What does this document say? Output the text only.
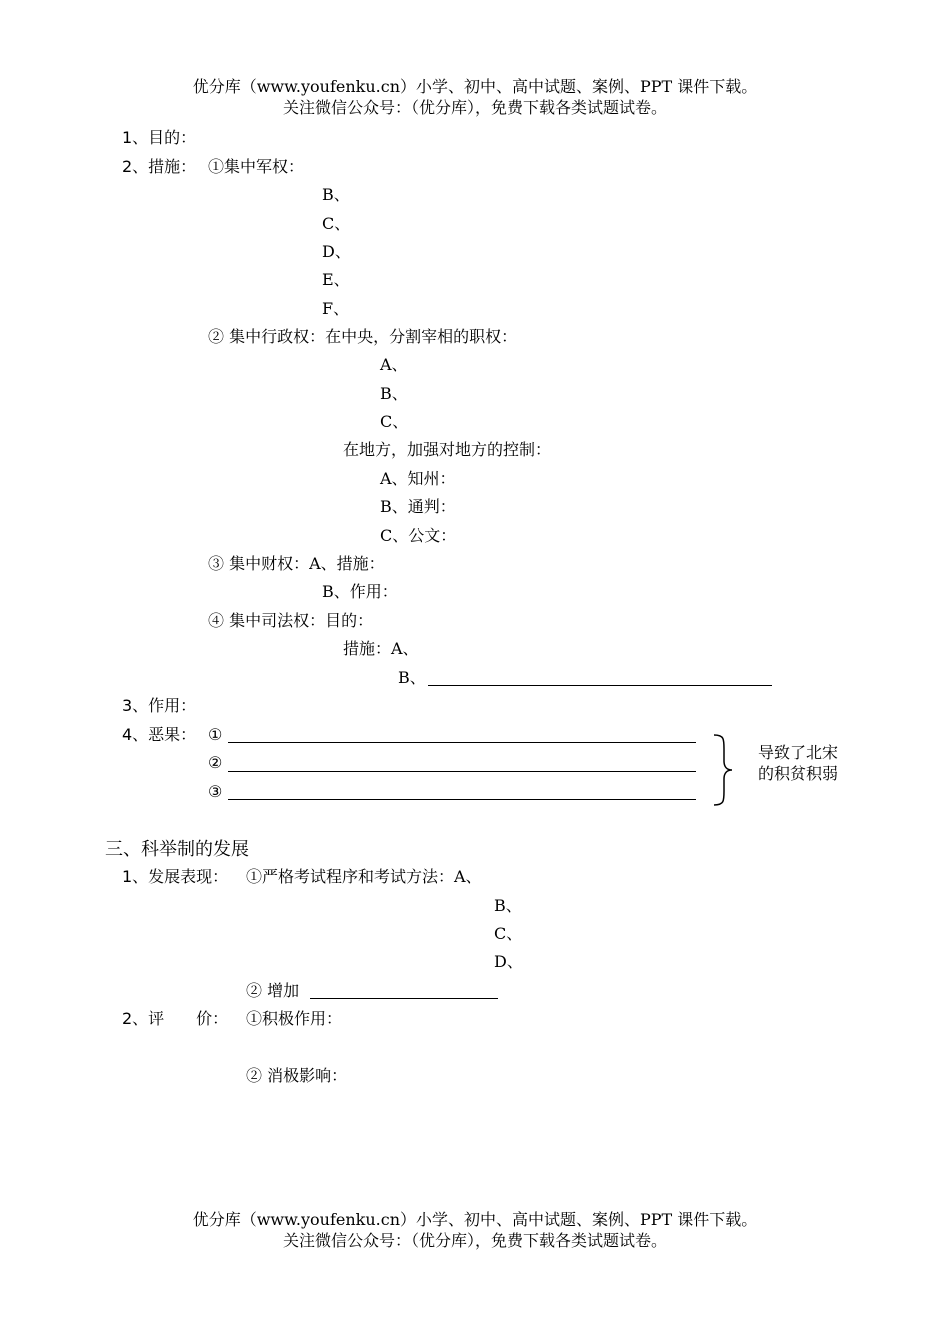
优分库（www.youfenku.cn）小学、初中、高中试题、案例、PPT 课件下载。
关注微信公众号：（优分库），免费下载各类试题试卷。
1、目的：
2、措施： ①集中军权：
B、
C、
D、
E、
F、
② 集中行政权：在中央，分割宰相的职权：
A、
B、
C、
在地方，加强对地方的控制：
A、知州：
B、通判：
C、公文：
③ 集中财权：A、措施：
B、作用：
④ 集中司法权：目的：
措施：A、
B、
3、作用：
4、恶果： ①
②
③
导致了北宋
的积贫积弱
三、科举制的发展
1、发展表现： ①严格考试程序和考试方法：A、
B、
C、
D、
② 增加
2、评　　价： ①积极作用：
② 消极影响：
优分库（www.youfenku.cn）小学、初中、高中试题、案例、PPT 课件下载。
关注微信公众号：（优分库），免费下载各类试题试卷。
